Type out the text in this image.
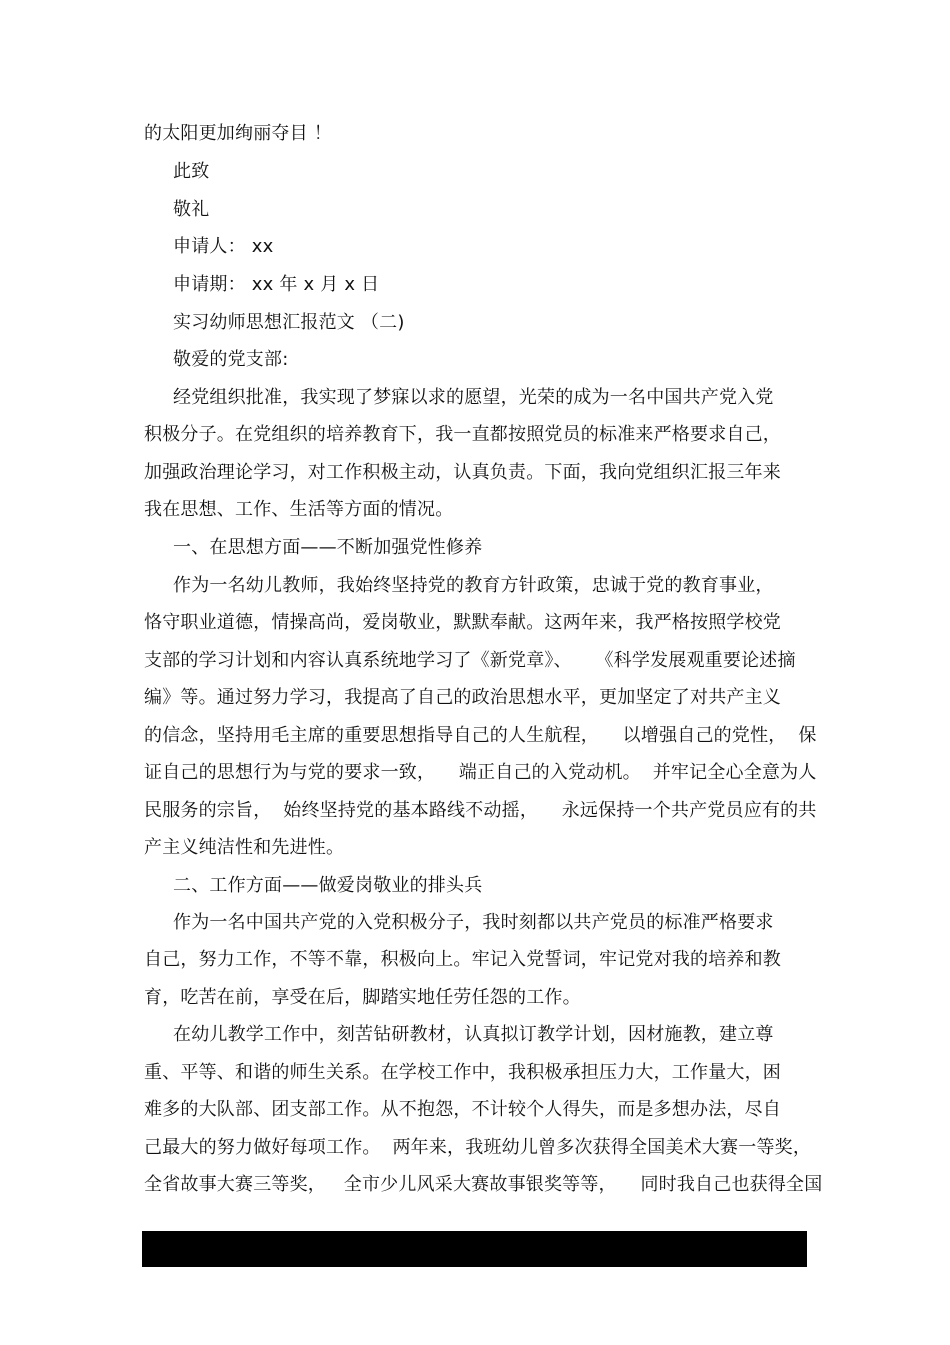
的太阳更加绚丽夺目 ！
此致
敬礼
申请人： xx
申请期： xx 年 x 月 x 日
实习幼师思想汇报范文 （二)
敬爱的党支部:
经党组织批准，我实现了梦寐以求的愿望，光荣的成为一名中国共产党入党
积极分子。在党组织的培养教育下，我一直都按照党员的标准来严格要求自己，
加强政治理论学习，对工作积极主动，认真负责。下面，我向党组织汇报三年来
我在思想、工作、生活等方面的情况。
一、在思想方面——不断加强党性修养
作为一名幼儿教师，我始终坚持党的教育方针政策，忠诚于党的教育事业，
恪守职业道德，情操高尚，爱岗敬业，默默奉献。这两年来，我严格按照学校党
支部的学习计划和内容认真系统地学习了《新党章》、    《科学发展观重要论述摘
编》等。通过努力学习，我提高了自己的政治思想水平，更加坚定了对共产主义
的信念，坚持用毛主席的重要思想指导自己的人生航程，    以增强自己的党性，  保
证自己的思想行为与党的要求一致，    端正自己的入党动机。  并牢记全心全意为人
民服务的宗旨，  始终坚持党的基本路线不动摇，    永远保持一个共产党员应有的共
产主义纯洁性和先进性。
二、工作方面——做爱岗敬业的排头兵
作为一名中国共产党的入党积极分子，我时刻都以共产党员的标准严格要求
自己，努力工作，不等不靠，积极向上。牢记入党誓词，牢记党对我的培养和教
育，吃苦在前，享受在后，脚踏实地任劳任怨的工作。
在幼儿教学工作中，刻苦钻研教材，认真拟订教学计划，因材施教，建立尊
重、平等、和谐的师生关系。在学校工作中，我积极承担压力大，工作量大，困
难多的大队部、团支部工作。从不抱怨，不计较个人得失，而是多想办法，尽自
己最大的努力做好每项工作。  两年来，我班幼儿曾多次获得全国美术大赛一等奖，
全省故事大赛三等奖，   全市少儿风采大赛故事银奖等等，    同时我自己也获得全国
